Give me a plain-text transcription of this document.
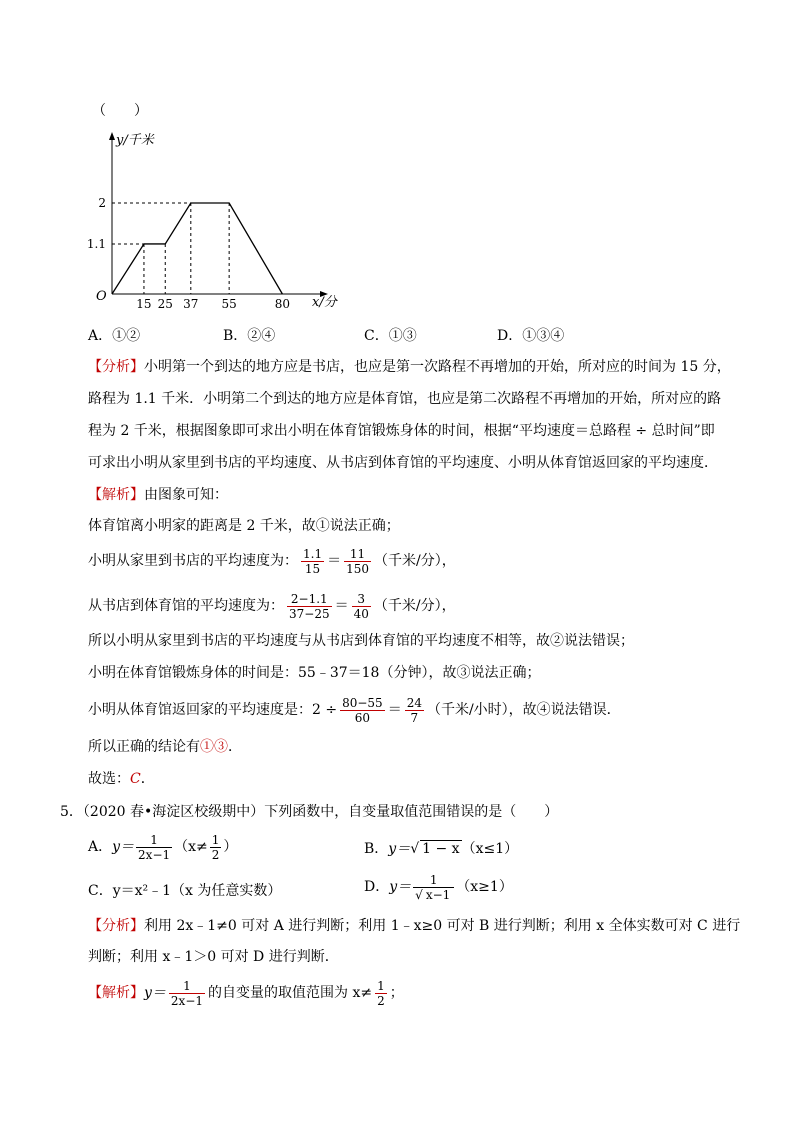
（　　）
y/千米
x/分
O 15 25 37 55	80
1.1
2
A．①②	B．②④	C．①③	D．①③④
【分析】小明第一个到达的地方应是书店，也应是第一次路程不再增加的开始，所对应的时间为 15 分，
路程为 1.1 千米．小明第二个到达的地方应是体育馆，也应是第二次路程不再增加的开始，所对应的路
程为 2 千米，根据图象即可求出小明在体育馆锻炼身体的时间，根据“平均速度＝总路程 ÷ 总时间”即
可求出小明从家里到书店的平均速度、从书店到体育馆的平均速度、小明从体育馆返回家的平均速度．
【解析】由图象可知：
体育馆离小明家的距离是 2 千米，故①说法正确；
小明从家里到书店的平均速度为： $\frac{1.1}{15} = \frac{11}{150}$ （千米/分），
从书店到体育馆的平均速度为： $\frac{2-1.1}{37-25} = \frac{3}{40}$ （千米/分），
所以小明从家里到书店的平均速度与从书店到体育馆的平均速度不相等，故②说法错误；
小明在体育馆锻炼身体的时间是：55﹣37＝18（分钟），故③说法正确；
小明从体育馆返回家的平均速度是：$2 \div \frac{80-55}{60} = \frac{24}{7}$ （千米/小时），故④说法错误．
所以正确的结论有①③．
故选：C．
5．（2020 春•海淀区校级期中）下列函数中，自变量取值范围错误的是（　　）
A．$y= \frac{1}{2x-1} (x\ne \frac{1}{2}$ ）	B．y＝√ 1 − x （x≤1）
C．y＝x²﹣1（x 为任意实数）	D．$y= \frac{1}{√ x-1} (x\ge 1)$
【分析】利用 2x﹣1≠0 可对 A 进行判断；利用 1﹣x≥0 可对 B 进行判断；利用 x 全体实数可对 C 进行
判断；利用 x﹣1＞0 可对 D 进行判断．
【解析】$y= \frac{1}{2x-1}$ 的自变量的取值范围为 $x\ne \frac{1}{2}$ ；
